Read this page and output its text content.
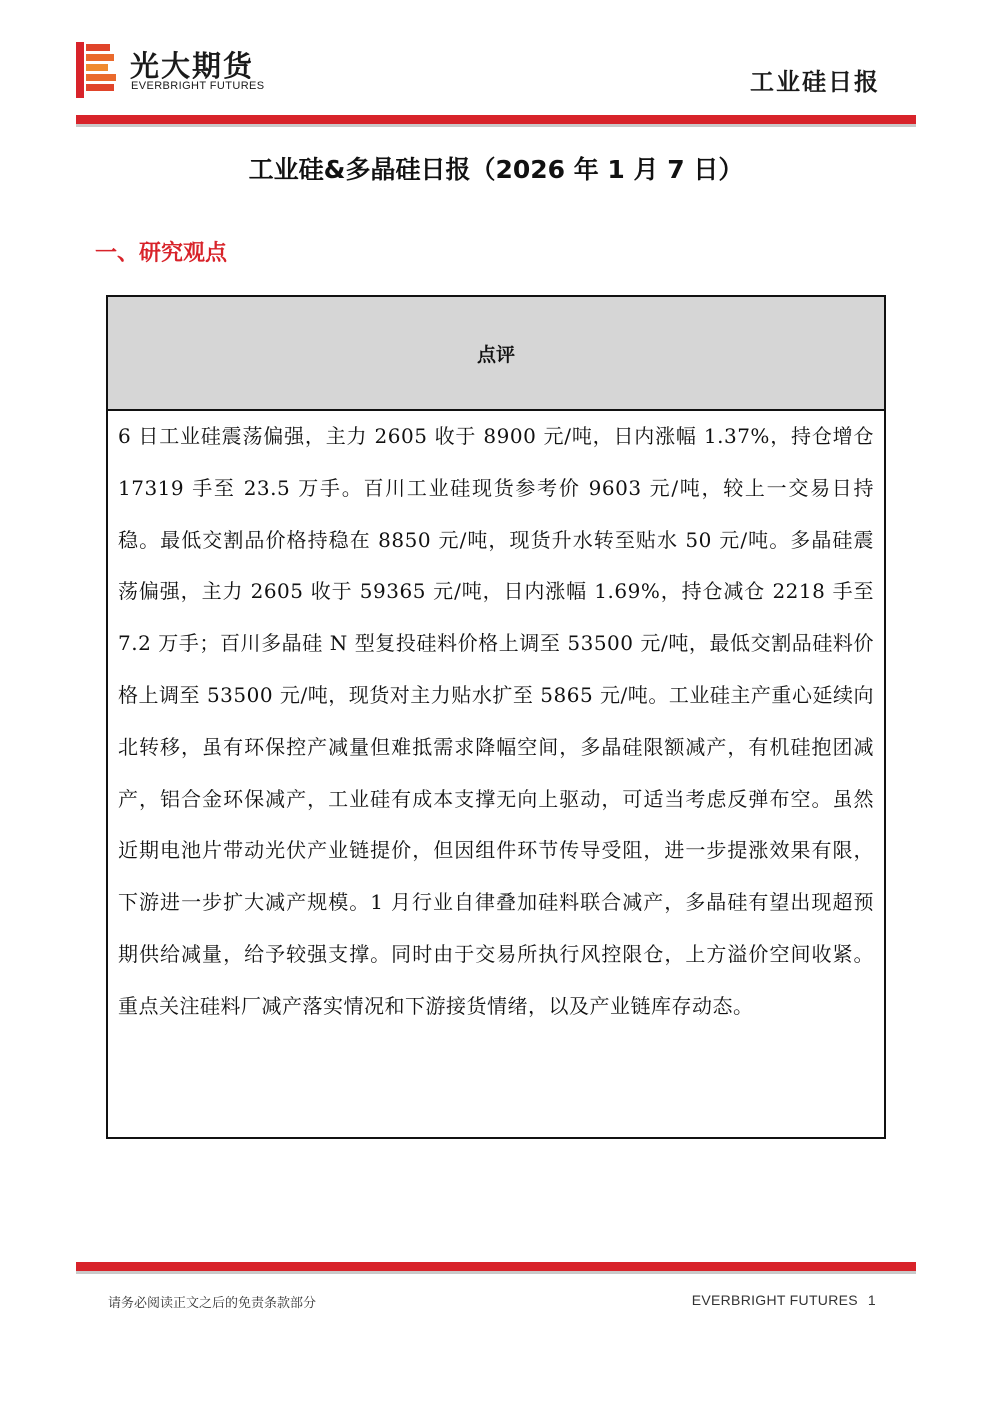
光大期货
EVERBRIGHT FUTURES	工业硅日报
工业硅&多晶硅日报（2026 年 1 月 7 日）
一、研究观点
点评
6 日工业硅震荡偏强，主力 2605 收于 8900 元/吨，日内涨幅 1.37%，持仓增仓 17319 手至 23.5 万手。百川工业硅现货参考价 9603 元/吨，较上一交易日持稳。最低交割品价格持稳在 8850 元/吨，现货升水转至贴水 50 元/吨。多晶硅震荡偏强，主力 2605 收于 59365 元/吨，日内涨幅 1.69%，持仓减仓 2218 手至 7.2 万手；百川多晶硅 N 型复投硅料价格上调至 53500 元/吨，最低交割品硅料价格上调至 53500 元/吨，现货对主力贴水扩至 5865 元/吨。工业硅主产重心延续向北转移，虽有环保控产减量但难抵需求降幅空间，多晶硅限额减产，有机硅抱团减产，铝合金环保减产，工业硅有成本支撑无向上驱动，可适当考虑反弹布空。虽然近期电池片带动光伏产业链提价，但因组件环节传导受阻，进一步提涨效果有限，下游进一步扩大减产规模。1 月行业自律叠加硅料联合减产，多晶硅有望出现超预期供给减量，给予较强支撑。同时由于交易所执行风控限仓，上方溢价空间收紧。重点关注硅料厂减产落实情况和下游接货情绪，以及产业链库存动态。
请务必阅读正文之后的免责条款部分	EVERBRIGHT FUTURES 1
